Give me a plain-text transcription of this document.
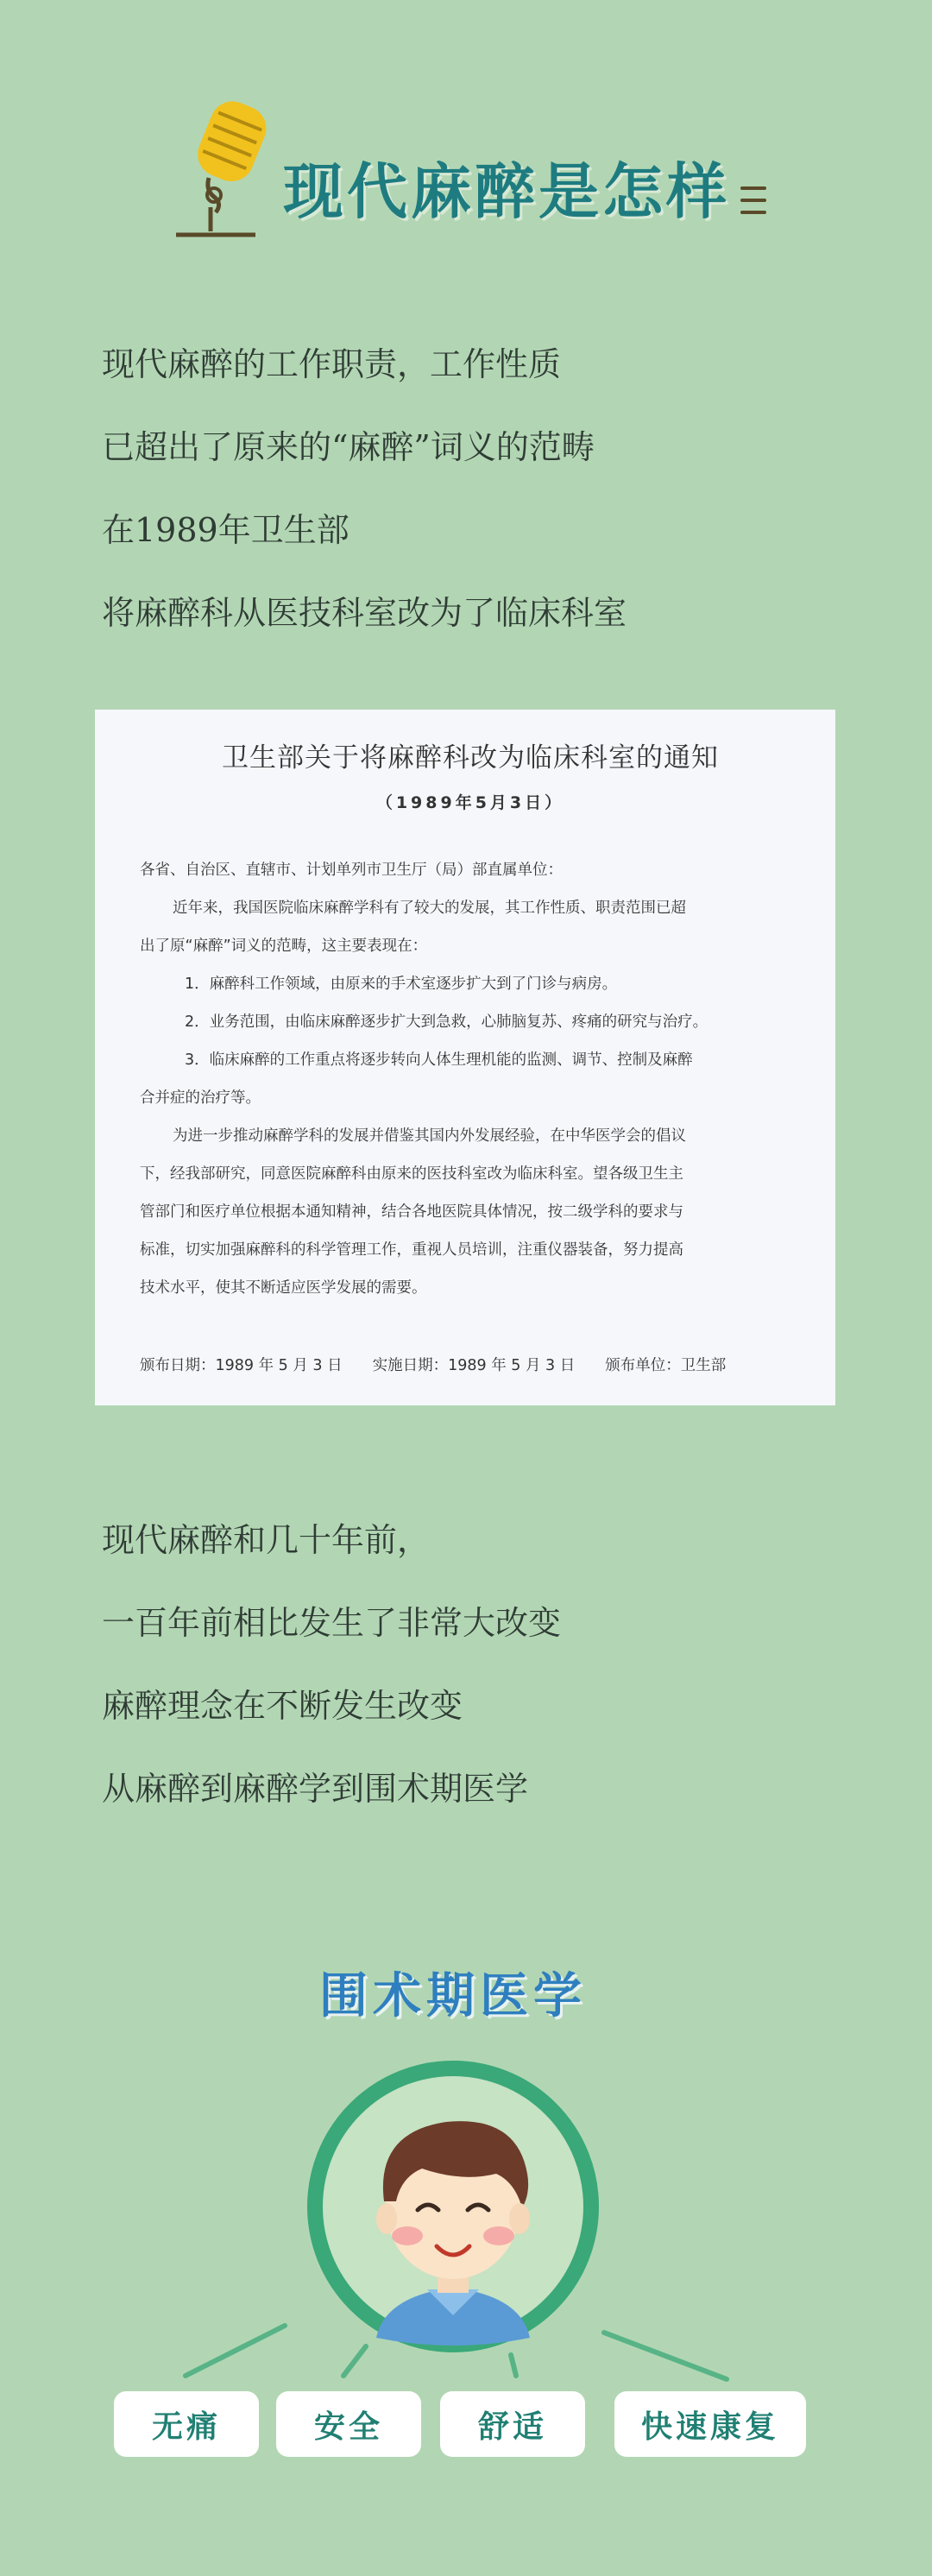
现代麻醉是怎样
现代麻醉的工作职责，工作性质
已超出了原来的“麻醉”词义的范畴
在1989年卫生部
将麻醉科从医技科室改为了临床科室
卫生部关于将麻醉科改为临床科室的通知
（1989年5月3日）
各省、自治区、直辖市、计划单列市卫生厅（局）部直属单位：
近年来，我国医院临床麻醉学科有了较大的发展，其工作性质、职责范围已超
出了原“麻醉”词义的范畴，这主要表现在：
1．麻醉科工作领域，由原来的手术室逐步扩大到了门诊与病房。
2．业务范围，由临床麻醉逐步扩大到急救，心肺脑复苏、疼痛的研究与治疗。
3．临床麻醉的工作重点将逐步转向人体生理机能的监测、调节、控制及麻醉
合并症的治疗等。
为进一步推动麻醉学科的发展并借鉴其国内外发展经验，在中华医学会的倡议
下，经我部研究，同意医院麻醉科由原来的医技科室改为临床科室。望各级卫生主
管部门和医疗单位根据本通知精神，结合各地医院具体情况，按二级学科的要求与
标准，切实加强麻醉科的科学管理工作，重视人员培训，注重仪器装备，努力提高
技术水平，使其不断适应医学发展的需要。
颁布日期：1989 年 5 月 3 日　　实施日期：1989 年 5 月 3 日　　颁布单位：卫生部
现代麻醉和几十年前，
一百年前相比发生了非常大改变
麻醉理念在不断发生改变
从麻醉到麻醉学到围术期医学
围术期医学
无痛	安全	舒适	快速康复
